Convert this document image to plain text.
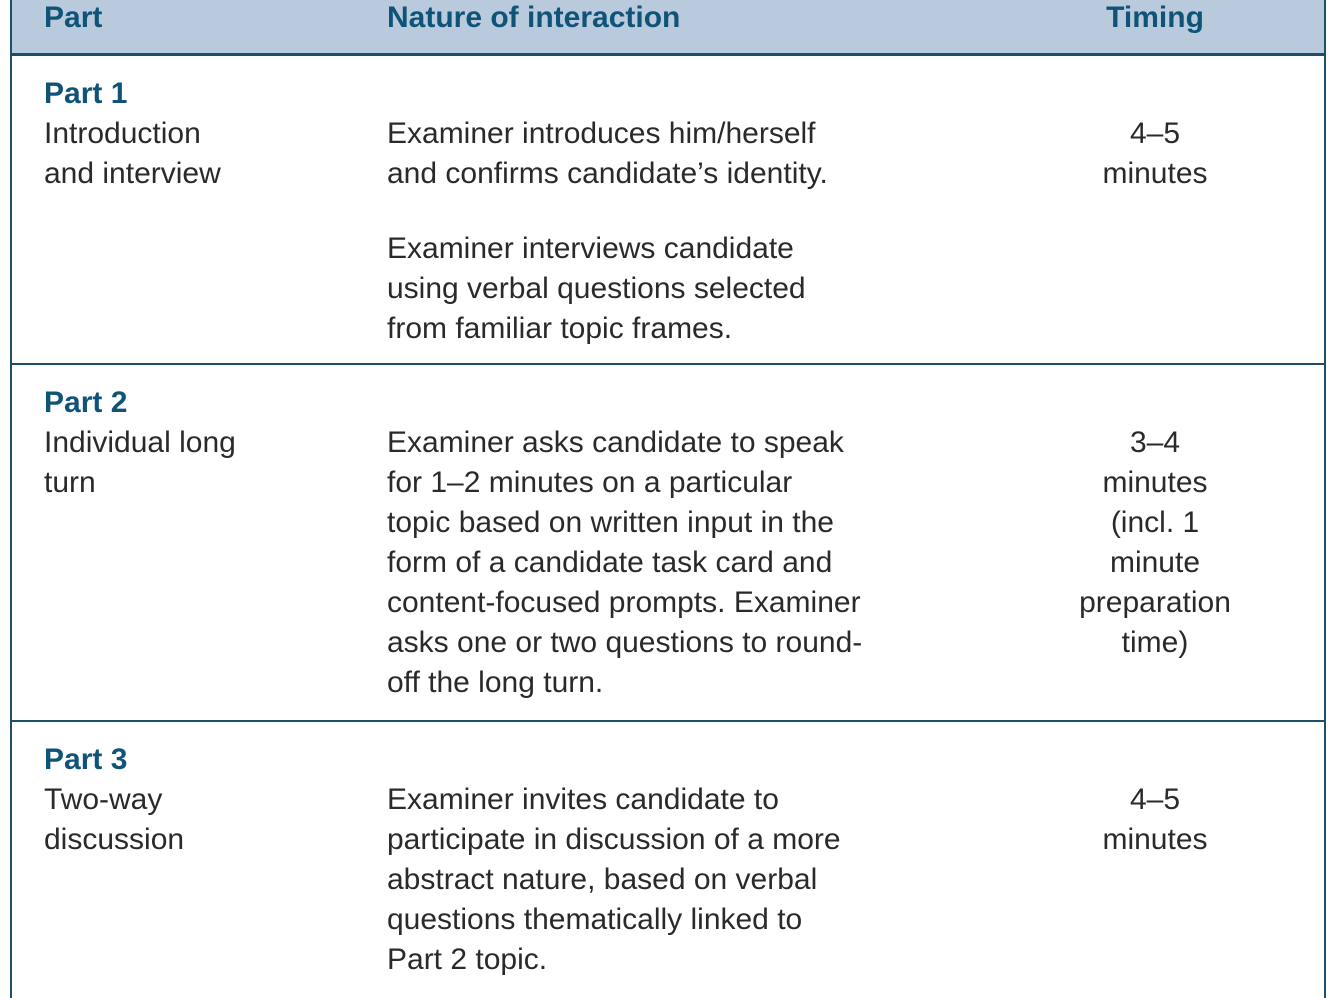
Part	Nature of interaction	Timing
Part 1
Introduction
and interview
Examiner introduces him/herself
and confirms candidate’s identity.
Examiner interviews candidate
using verbal questions selected
from familiar topic frames.
4–5
minutes
Part 2
Individual long
turn
Examiner asks candidate to speak
for 1–2 minutes on a particular
topic based on written input in the
form of a candidate task card and
content-focused prompts. Examiner
asks one or two questions to round-
off the long turn.
3–4
minutes
(incl. 1
minute
preparation
time)
Part 3
Two-way
discussion
Examiner invites candidate to
participate in discussion of a more
abstract nature, based on verbal
questions thematically linked to
Part 2 topic.
4–5
minutes
